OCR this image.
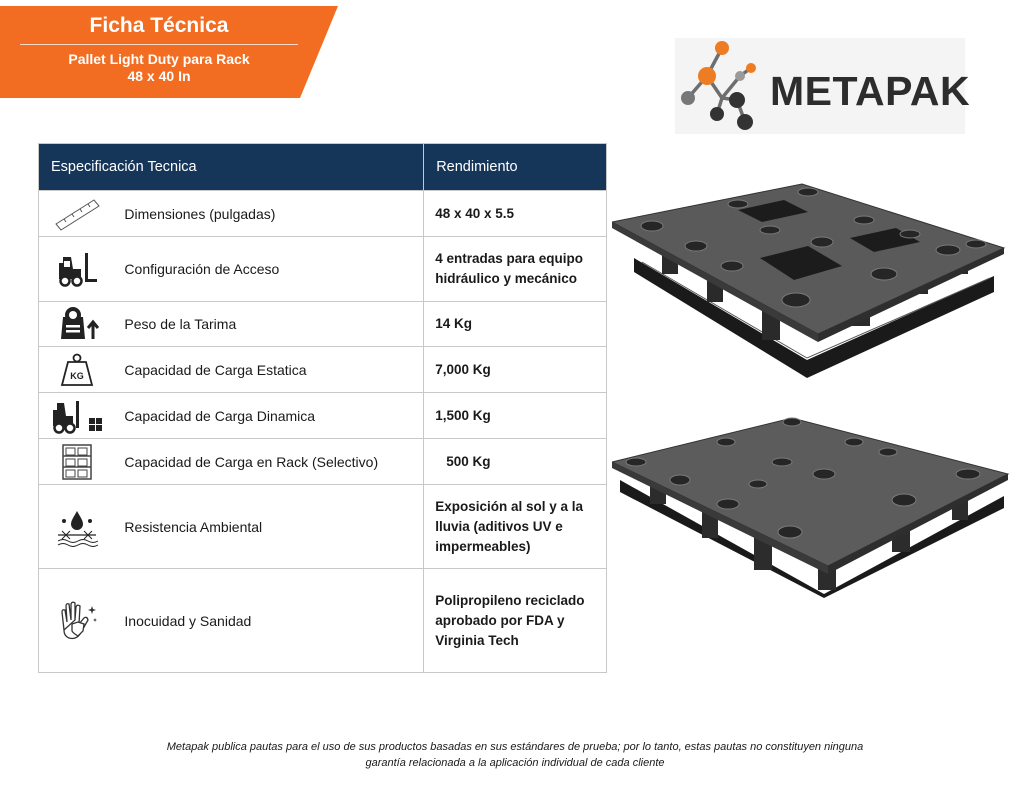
Ficha Técnica
Pallet Light Duty para Rack
48 x 40 In	METAPAK
Especificación Tecnica		Rendimiento

	Dimensiones (pulgadas)	48 x 40 x 5.5

	Configuración de Acceso	4 entradas para equipo hidráulico y mecánico

	Peso de la Tarima	14 Kg

KG	Capacidad de Carga Estatica	7,000 Kg

	Capacidad de Carga Dinamica	1,500 Kg

	Capacidad de Carga en Rack (Selectivo)	500 Kg

	Resistencia Ambiental	Exposición al sol y a la lluvia (aditivos UV e impermeables)

	Inocuidad y Sanidad	Polipropileno reciclado aprobado por FDA y Virginia Tech
Metapak publica pautas para el uso de sus productos basadas en sus estándares de prueba; por lo tanto, estas pautas no constituyen ninguna
garantía relacionada a la aplicación individual de cada cliente
